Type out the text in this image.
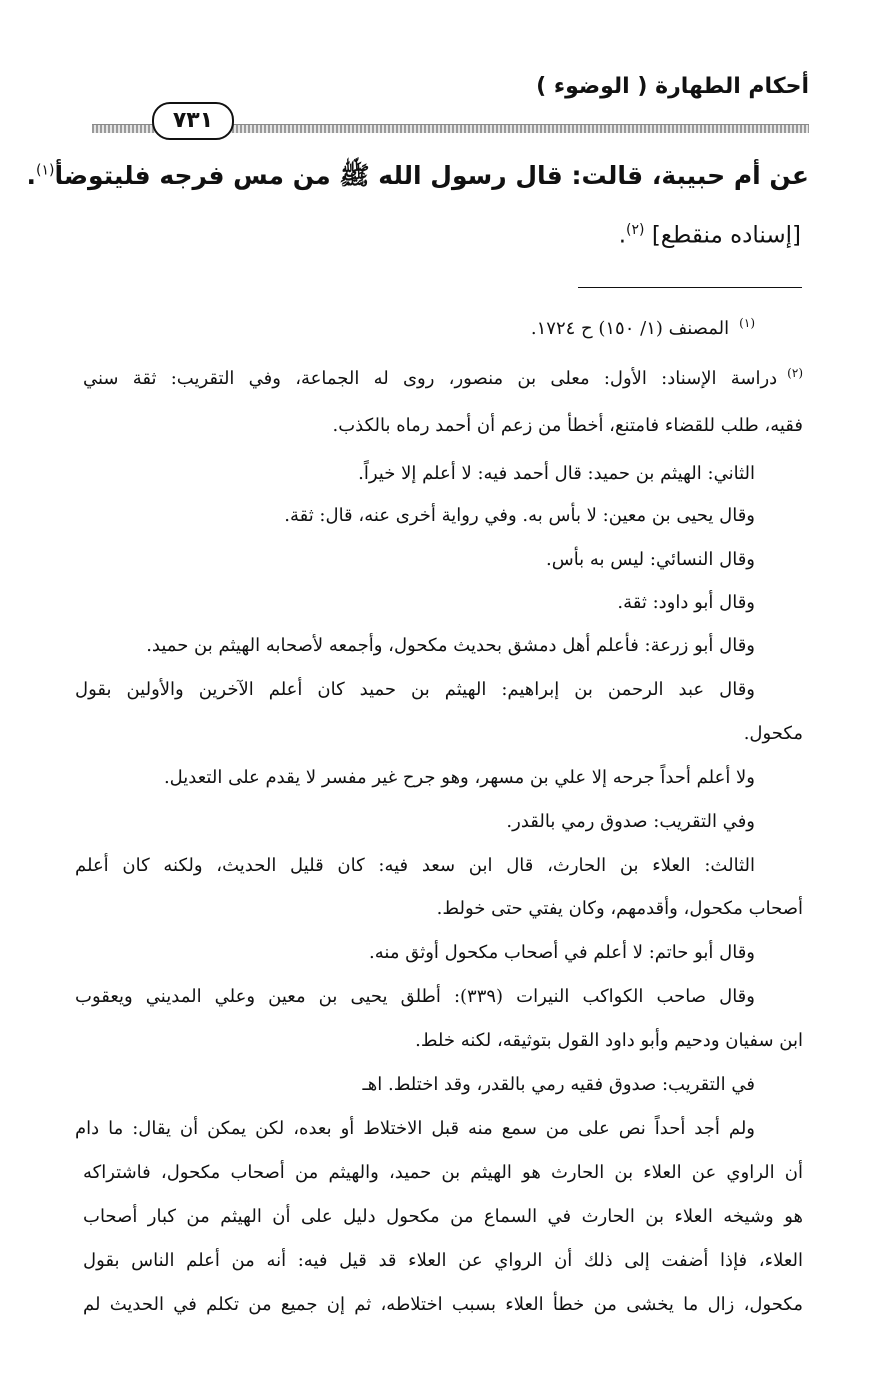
أحكام الطهارة ( الوضوء )
٧٣١
عن أم حبيبة، قالت: قال رسول الله ﷺ من مس فرجه فليتوضأ$^{(١)}$.
[إسناده منقطع] $^{(٢)}$.
$^{(١)}$المصنف (١/ ١٥٠) ح ١٧٢٤.
$^{(٢)}$دراسة الإسناد: الأول: معلى بن منصور، روى له الجماعة، وفي التقريب: ثقة سني
فقيه، طلب للقضاء فامتنع، أخطأ من زعم أن أحمد رماه بالكذب.
الثاني: الهيثم بن حميد: قال أحمد فيه: لا أعلم إلا خيراً.
وقال يحيى بن معين: لا بأس به. وفي رواية أخرى عنه، قال: ثقة.
وقال النسائي: ليس به بأس.
وقال أبو داود: ثقة.
وقال أبو زرعة: فأعلم أهل دمشق بحديث مكحول، وأجمعه لأصحابه الهيثم بن حميد.
وقال عبد الرحمن بن إبراهيم: الهيثم بن حميد كان أعلم الآخرين والأولين بقول
مكحول.
ولا أعلم أحداً جرحه إلا علي بن مسهر، وهو جرح غير مفسر لا يقدم على التعديل.
وفي التقريب: صدوق رمي بالقدر.
الثالث: العلاء بن الحارث، قال ابن سعد فيه: كان قليل الحديث، ولكنه كان أعلم
أصحاب مكحول، وأقدمهم، وكان يفتي حتى خولط.
وقال أبو حاتم: لا أعلم في أصحاب مكحول أوثق منه.
وقال صاحب الكواكب النيرات (٣٣٩): أطلق يحيى بن معين وعلي المديني ويعقوب
ابن سفيان ودحيم وأبو داود القول بتوثيقه، لكنه خلط.
في التقريب: صدوق فقيه رمي بالقدر، وقد اختلط. اهـ
ولم أجد أحداً نص على من سمع منه قبل الاختلاط أو بعده، لكن يمكن أن يقال: ما دام
أن الراوي عن العلاء بن الحارث هو الهيثم بن حميد، والهيثم من أصحاب مكحول، فاشتراكه
هو وشيخه العلاء بن الحارث في السماع من مكحول دليل على أن الهيثم من كبار أصحاب
العلاء، فإذا أضفت إلى ذلك أن الرواي عن العلاء قد قيل فيه: أنه من أعلم الناس بقول
مكحول، زال ما يخشى من خطأ العلاء بسبب اختلاطه، ثم إن جميع من تكلم في الحديث لم
